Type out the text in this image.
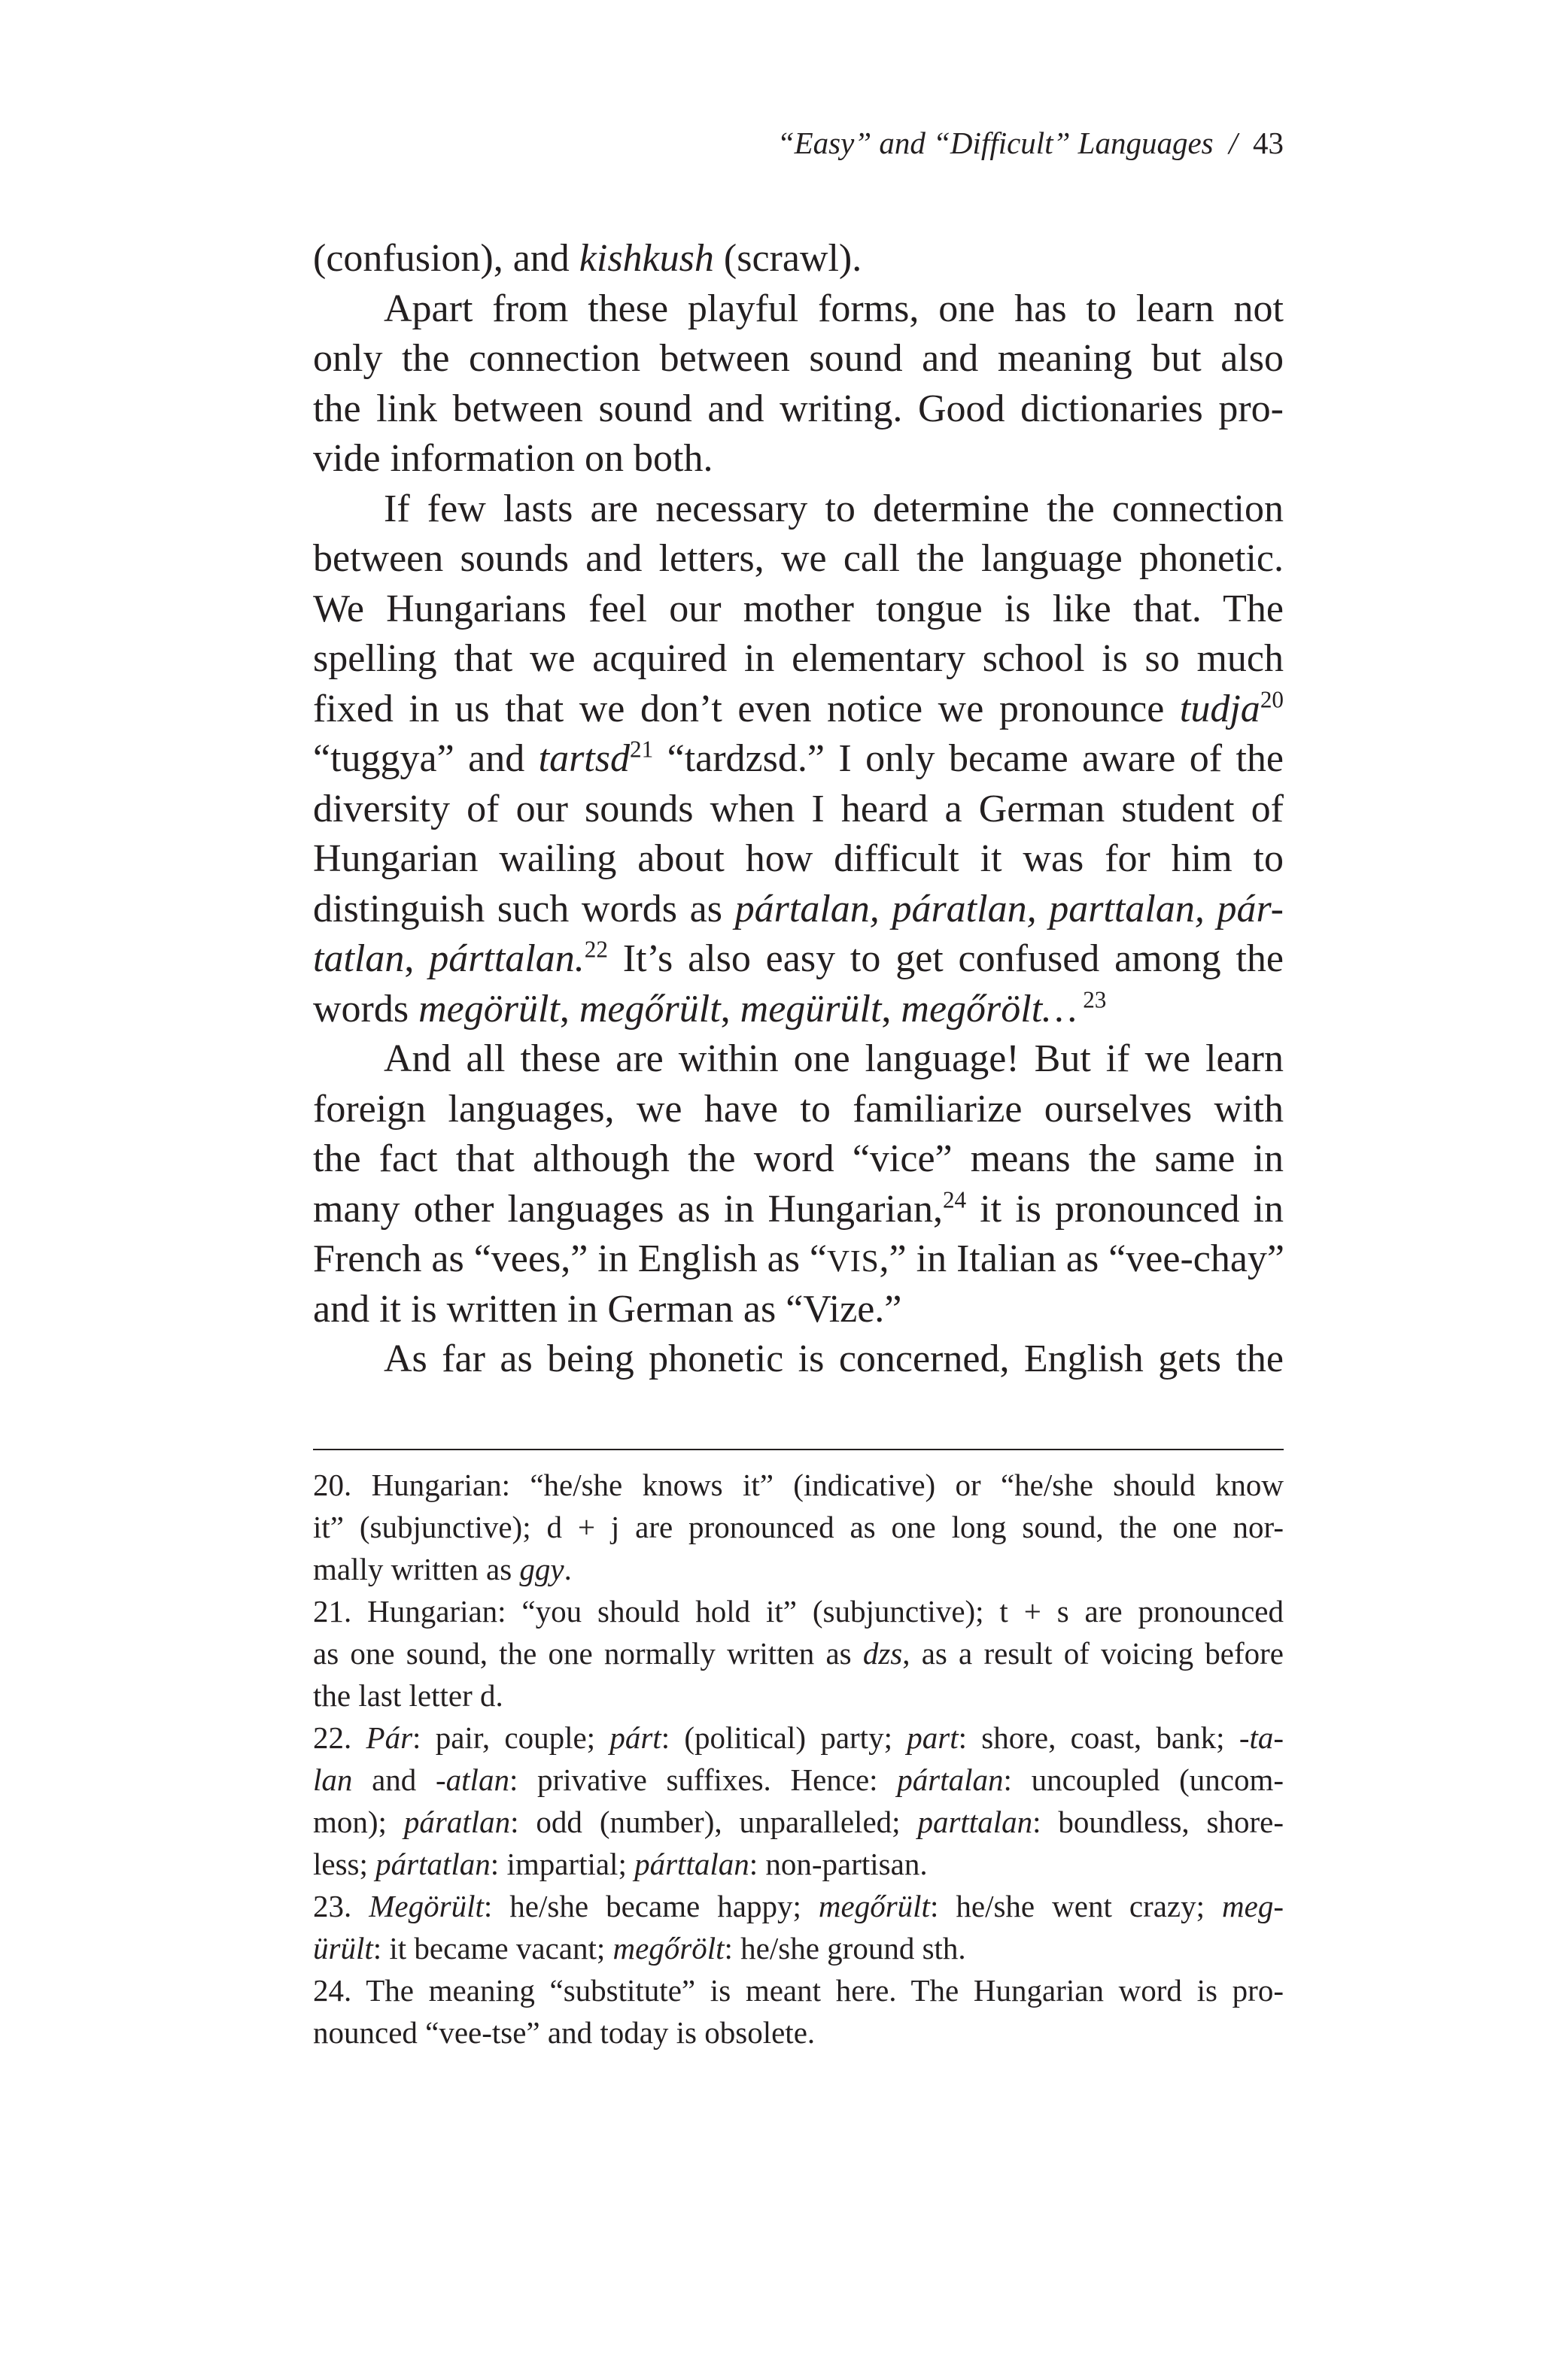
“Easy” and “Difficult” Languages / 43
(confusion), and kishkush (scrawl).
Apart from these playful forms, one has to learn not
only the connection between sound and meaning but also
the link between sound and writing. Good dictionaries pro-
vide information on both.
If few lasts are necessary to determine the connection
between sounds and letters, we call the language phonetic.
We Hungarians feel our mother tongue is like that. The
spelling that we acquired in elementary school is so much
fixed in us that we don’t even notice we pronounce tudja$^{20}$
“tuggya” and tartsd$^{21}$ “tardzsd.” I only became aware of the
diversity of our sounds when I heard a German student of
Hungarian wailing about how difficult it was for him to
distinguish such words as pártalan, páratlan, parttalan, pár-
tatlan, párttalan.$^{22}$ It’s also easy to get confused among the
words megörült, megőrült, megürült, megőrölt… $^{23}$
And all these are within one language! But if we learn
foreign languages, we have to familiarize ourselves with
the fact that although the word “vice” means the same in
many other languages as in Hungarian,$^{24}$ it is pronounced in
French as “vees,” in English as “VIS,” in Italian as “vee-chay”
and it is written in German as “Vize.”
As far as being phonetic is concerned, English gets the
20. Hungarian: “he/she knows it” (indicative) or “he/she should know
it” (subjunctive); d + j are pronounced as one long sound, the one nor-
mally written as ggy.
21. Hungarian: “you should hold it” (subjunctive); t + s are pronounced
as one sound, the one normally written as dzs, as a result of voicing before
the last letter d.
22. Pár: pair, couple; párt: (political) party; part: shore, coast, bank; -ta-
lan and -atlan: privative suffixes. Hence: pártalan: uncoupled (uncom-
mon); páratlan: odd (number), unparalleled; parttalan: boundless, shore-
less; pártatlan: impartial; párttalan: non-partisan.
23. Megörült: he/she became happy; megőrült: he/she went crazy; meg-
ürült: it became vacant; megőrölt: he/she ground sth.
24. The meaning “substitute” is meant here. The Hungarian word is pro-
nounced “vee-tse” and today is obsolete.
